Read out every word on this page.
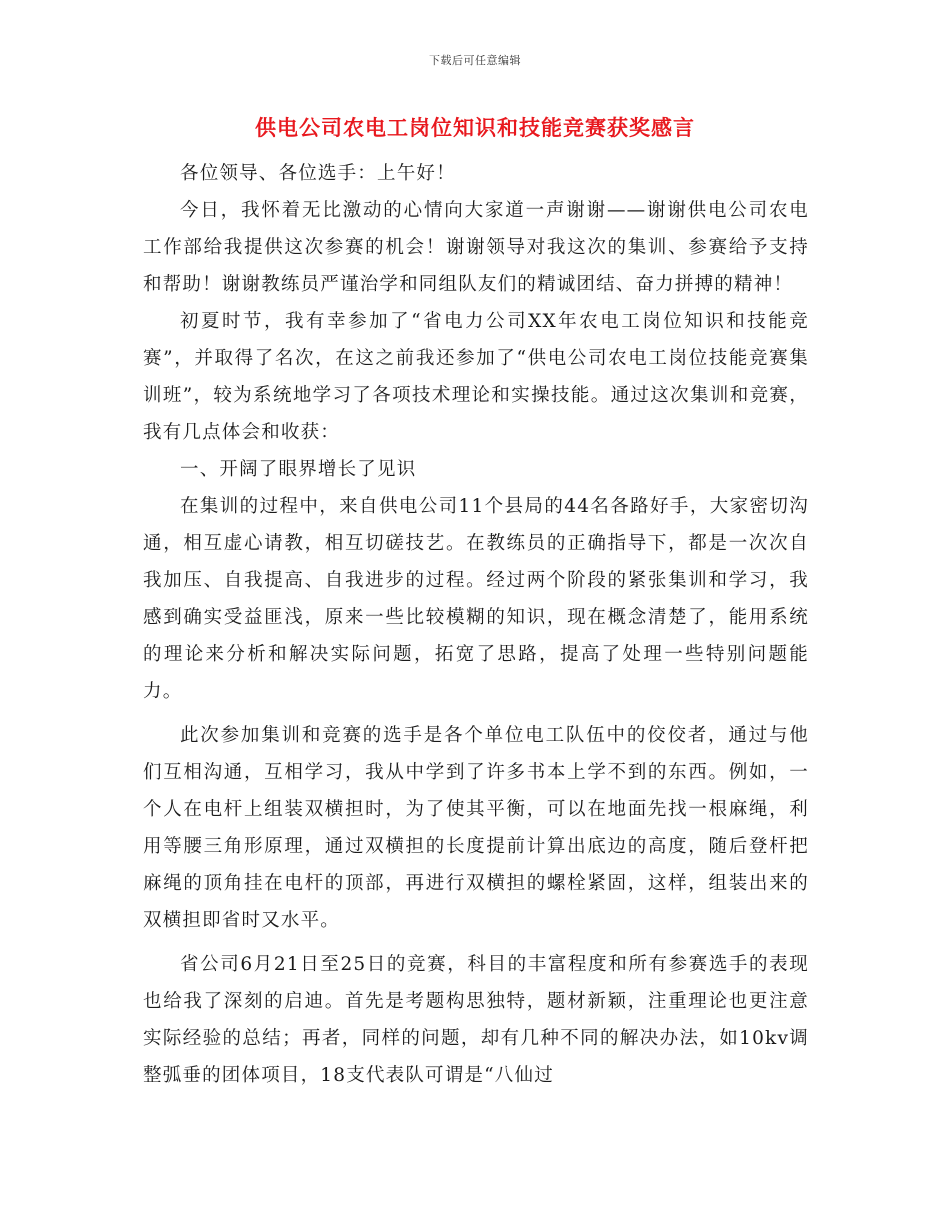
下载后可任意编辑
供电公司农电工岗位知识和技能竞赛获奖感言

各位领导、各位选手：上午好！

今日，我怀着无比激动的心情向大家道一声谢谢——谢谢供电公司农电工作部给我提供这次参赛的机会！谢谢领导对我这次的集训、参赛给予支持和帮助！谢谢教练员严谨治学和同组队友们的精诚团结、奋力拼搏的精神！

初夏时节，我有幸参加了“省电力公司XX年农电工岗位知识和技能竞赛”，并取得了名次，在这之前我还参加了“供电公司农电工岗位技能竞赛集训班”，较为系统地学习了各项技术理论和实操技能。通过这次集训和竞赛，我有几点体会和收获：

一、开阔了眼界增长了见识

在集训的过程中，来自供电公司11个县局的44名各路好手，大家密切沟通，相互虚心请教，相互切磋技艺。在教练员的正确指导下，都是一次次自我加压、自我提高、自我进步的过程。经过两个阶段的紧张集训和学习，我感到确实受益匪浅，原来一些比较模糊的知识，现在概念清楚了，能用系统的理论来分析和解决实际问题，拓宽了思路，提高了处理一些特别问题能力。

此次参加集训和竞赛的选手是各个单位电工队伍中的佼佼者，通过与他们互相沟通，互相学习，我从中学到了许多书本上学不到的东西。例如，一个人在电杆上组装双横担时，为了使其平衡，可以在地面先找一根麻绳，利用等腰三角形原理，通过双横担的长度提前计算出底边的高度，随后登杆把麻绳的顶角挂在电杆的顶部，再进行双横担的螺栓紧固，这样，组装出来的双横担即省时又水平。

省公司6月21日至25日的竞赛，科目的丰富程度和所有参赛选手的表现也给我了深刻的启迪。首先是考题构思独特，题材新颖，注重理论也更注意实际经验的总结；再者，同样的问题，却有几种不同的解决办法，如10kv调整弧垂的团体项目，18支代表队可谓是“八仙过
